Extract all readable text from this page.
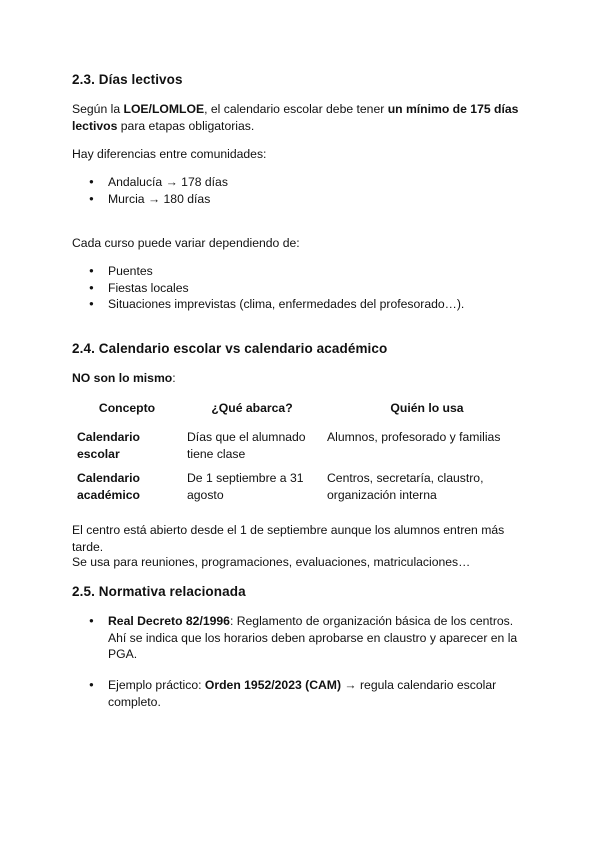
2.3. Días lectivos

Según la LOE/LOMLOE, el calendario escolar debe tener un mínimo de 175 días lectivos para etapas obligatorias.

Hay diferencias entre comunidades:

● Andalucía → 178 días
● Murcia → 180 días

Cada curso puede variar dependiendo de:

● Puentes
● Fiestas locales
● Situaciones imprevistas (clima, enfermedades del profesorado…).
2.4. Calendario escolar vs calendario académico

NO son lo mismo:

Concepto	¿Qué abarca?	Quién lo usa
Calendario escolar
Días que el alumnado tiene clase
Alumnos, profesorado y familias
Calendario académico
De 1 septiembre a 31 agosto
Centros, secretaría, claustro, organización interna

El centro está abierto desde el 1 de septiembre aunque los alumnos entren más tarde.

Se usa para reuniones, programaciones, evaluaciones, matriculaciones…

2.5. Normativa relacionada
● Real Decreto 82/1996: Reglamento de organización básica de los centros. Ahí se indica que los horarios deben aprobarse en claustro y aparecer en la PGA.
● Ejemplo práctico: Orden 1952/2023 (CAM) → regula calendario escolar completo.
